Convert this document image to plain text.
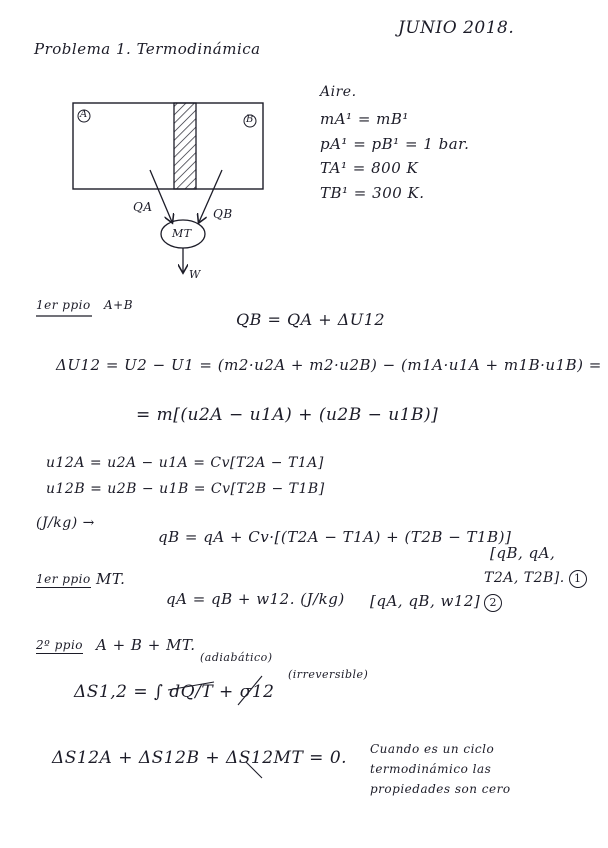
JUNIO 2018.
Problema 1. Termodinámica
A	B
QA	QB
MT
W
Aire.
mA¹ = mB¹
pA¹ = pB¹ = 1 bar.
TA¹ = 800 K
TB¹ = 300 K.
1er ppio A+B
QB = QA + ΔU12
ΔU12 = U2 − U1 = (m2·u2A + m2·u2B) − (m1A·u1A + m1B·u1B) =
= m[(u2A − u1A) + (u2B − u1B)]
u12A = u2A − u1A = Cv[T2A − T1A]
u12B = u2B − u1B = Cv[T2B − T1B]
(J/kg) →
qB = qA + Cv·[(T2A − T1A) + (T2B − T1B)]
[qB, qA,
T2A, T2B]. 1
1er ppio MT.
qA = qB + w12. (J/kg) [qA, qB, w12] 2
2º ppio A + B + MT.
(adiabático)
(irreversible)
ΔS1,2 = ∫ dQ/T + σ12
ΔS12A + ΔS12B + ΔS12MT = 0. Cuando es un ciclo
termodinámico las
propiedades son cero
